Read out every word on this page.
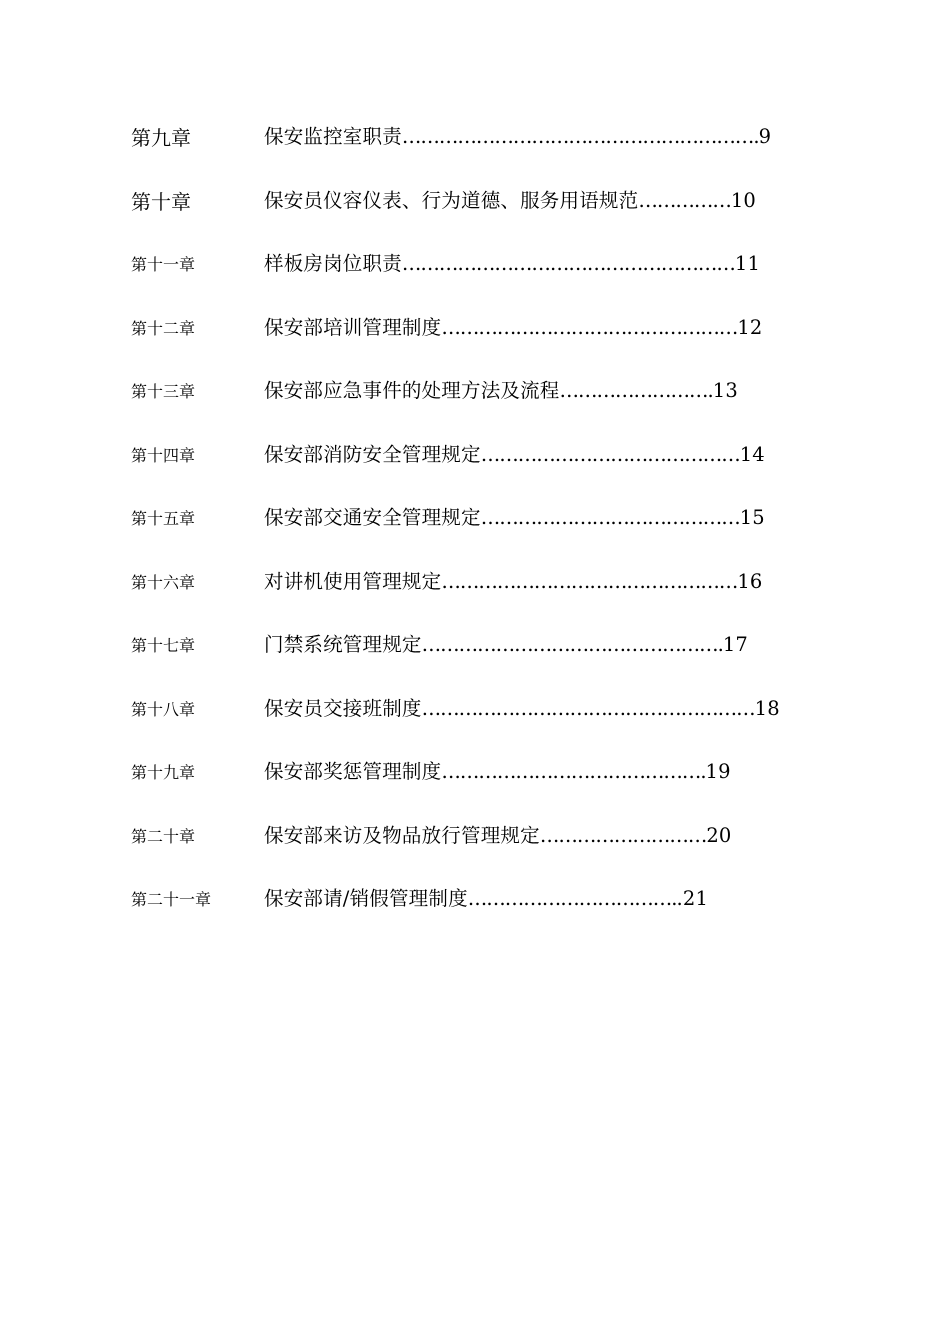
第九章	保安监控室职责………………………………………………….9
第十章	保安员仪容仪表、行为道德、服务用语规范……………10
第十一章	样板房岗位职责………………………………………………11
第十二章	保安部培训管理制度…………………………………………12
第十三章	保安部应急事件的处理方法及流程…………………….13
第十四章	保安部消防安全管理规定……………………………………14
第十五章	保安部交通安全管理规定……………………………………15
第十六章	对讲机使用管理规定…………………………………………16
第十七章	门禁系统管理规定………………………………………….17
第十八章	保安员交接班制度………………………………………………18
第十九章	保安部奖惩管理制度…………………………………….19
第二十章	保安部来访及物品放行管理规定………………………20
第二十一章	保安部请/销假管理制度……………………………..21
